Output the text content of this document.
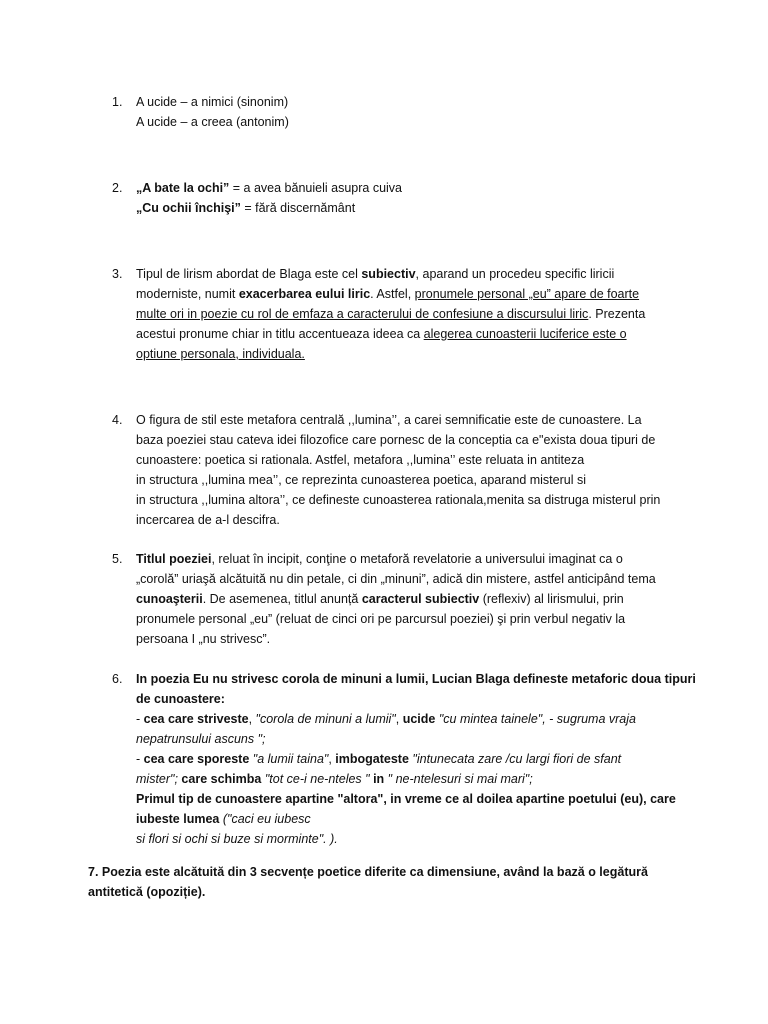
1.	A ucide – a nimici (sinonim)
A ucide – a creea (antonim)
2.	„A bate la ochi” = a avea bănuieli asupra cuiva
„Cu ochii închişi” = fără discernământ
3.	Tipul de lirism abordat de Blaga este cel subiectiv, aparand un procedeu specific liricii
moderniste, numit exacerbarea eului liric. Astfel, pronumele personal „eu” apare de foarte
multe ori in poezie cu rol de emfaza a caracterului de confesiune a discursului liric. Prezenta
acestui pronume chiar in titlu accentueaza ideea ca alegerea cunoasterii luciferice este o
optiune personala, individuala.
4.	O figura de stil este metafora centrală ,,lumina’’, a carei semnificatie este de cunoastere. La
baza poeziei stau cateva idei filozofice care pornesc de la conceptia ca e"exista doua tipuri de
cunoastere: poetica si rationala. Astfel, metafora ,,lumina’’ este reluata in antiteza
in structura ,,lumina mea’’, ce reprezinta cunoasterea poetica, aparand misterul si
in structura ,,lumina altora’’, ce defineste cunoasterea rationala,menita sa distruga misterul prin
incercarea de a-l descifra.
5.	Titlul poeziei, reluat în incipit, conţine o metaforă revelatorie a universului imaginat ca o
„corolă” uriaşă alcătuită nu din petale, ci din „minuni”, adică din mistere, astfel anticipând tema
cunoaşterii. De asemenea, titlul anunță caracterul subiectiv (reflexiv) al lirismului, prin
pronumele personal „eu” (reluat de cinci ori pe parcursul poeziei) şi prin verbul negativ la
persoana I „nu strivesc”.
6.	In poezia Eu nu strivesc corola de minuni a lumii, Lucian Blaga defineste metaforic doua tipuri
de cunoastere:
- cea care striveste, "corola de minuni a lumii", ucide "cu mintea tainele", - sugruma vraja
nepatrunsului ascuns ";
- cea care sporeste "a lumii taina", imbogateste "intunecata zare /cu largi fiori de sfant
mister"; care schimba "tot ce-i ne-nteles " in " ne-ntelesuri si mai mari";
Primul tip de cunoastere apartine "altora", in vreme ce al doilea apartine poetului (eu), care
iubeste lumea ("caci eu iubesc
si flori si ochi si buze si morminte". ).
7. Poezia este alcătuită din 3 secvențe poetice diferite ca dimensiune, având la bază o legătură
antitetică (opoziție).
